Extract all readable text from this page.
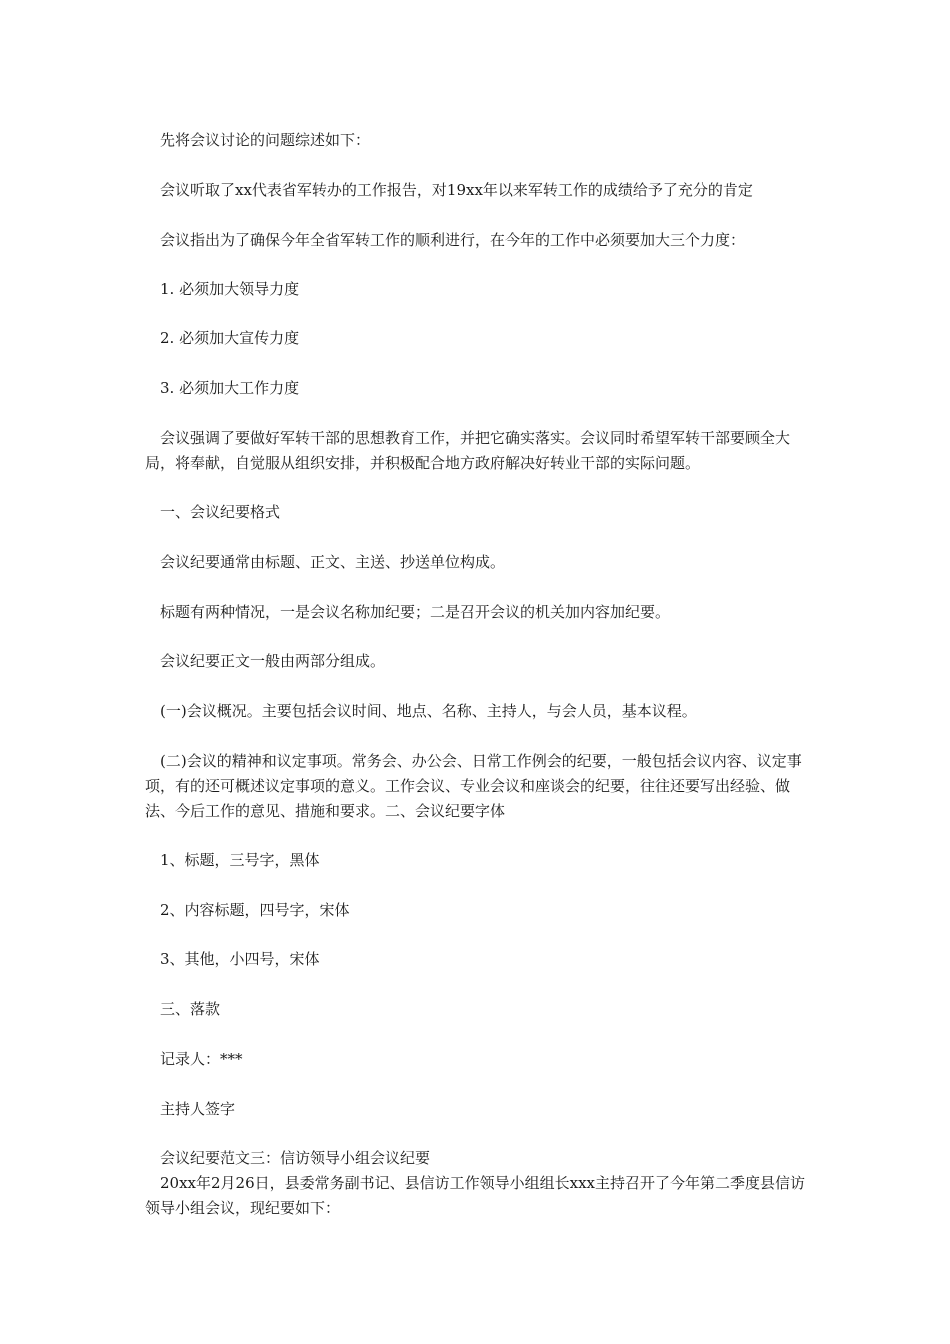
先将会议讨论的问题综述如下：

会议听取了xx代表省军转办的工作报告，对19xx年以来军转工作的成绩给予了充分的肯定

会议指出为了确保今年全省军转工作的顺利进行，在今年的工作中必须要加大三个力度：

1. 必须加大领导力度

2. 必须加大宣传力度

3. 必须加大工作力度

会议强调了要做好军转干部的思想教育工作，并把它确实落实。会议同时希望军转干部要顾全大局，将奉献，自觉服从组织安排，并积极配合地方政府解决好转业干部的实际问题。

一、会议纪要格式

会议纪要通常由标题、正文、主送、抄送单位构成。

标题有两种情况，一是会议名称加纪要；二是召开会议的机关加内容加纪要。

会议纪要正文一般由两部分组成。

(一)会议概况。主要包括会议时间、地点、名称、主持人，与会人员，基本议程。

(二)会议的精神和议定事项。常务会、办公会、日常工作例会的纪要，一般包括会议内容、议定事项，有的还可概述议定事项的意义。工作会议、专业会议和座谈会的纪要，往往还要写出经验、做法、今后工作的意见、措施和要求。二、会议纪要字体

1、标题，三号字，黑体

2、内容标题，四号字，宋体

3、其他，小四号，宋体

三、落款

记录人：***

主持人签字

会议纪要范文三：信访领导小组会议纪要

20xx年2月26日，县委常务副书记、县信访工作领导小组组长xxx主持召开了今年第二季度县信访领导小组会议，现纪要如下：
